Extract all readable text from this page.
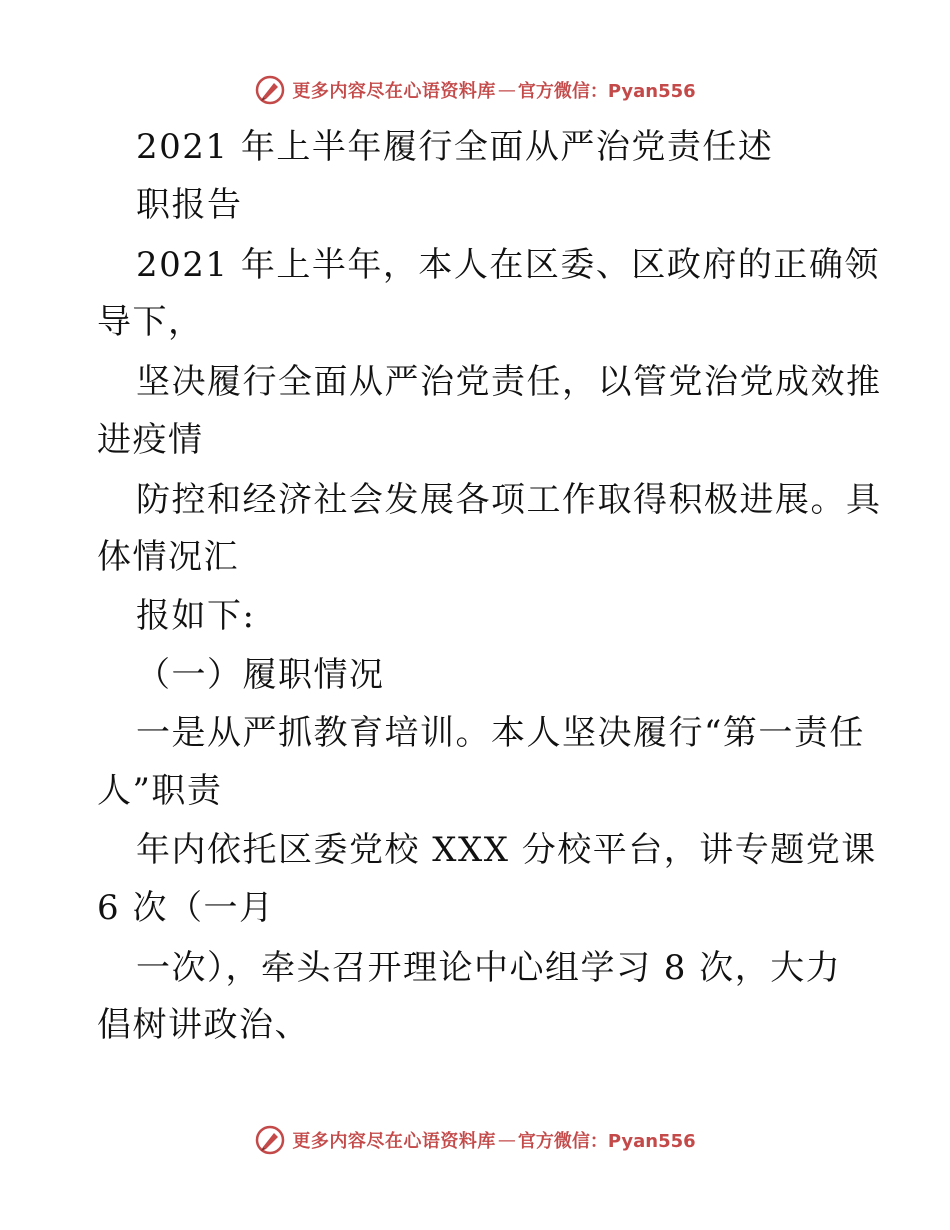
更多内容尽在心语资料库 — 官方微信：Pyan556
2021 年上半年履行全面从严治党责任述
职报告
2021 年上半年，本人在区委、区政府的正确领
导下，
坚决履行全面从严治党责任，以管党治党成效推
进疫情
防控和经济社会发展各项工作取得积极进展。具
体情况汇
报如下:
（一）履职情况
一是从严抓教育培训。本人坚决履行“第一责任
人”职责
年内依托区委党校 XXX 分校平台，讲专题党课
6 次（一月
一次），牵头召开理论中心组学习 8 次，大力
倡树讲政治、
更多内容尽在心语资料库 — 官方微信：Pyan556
